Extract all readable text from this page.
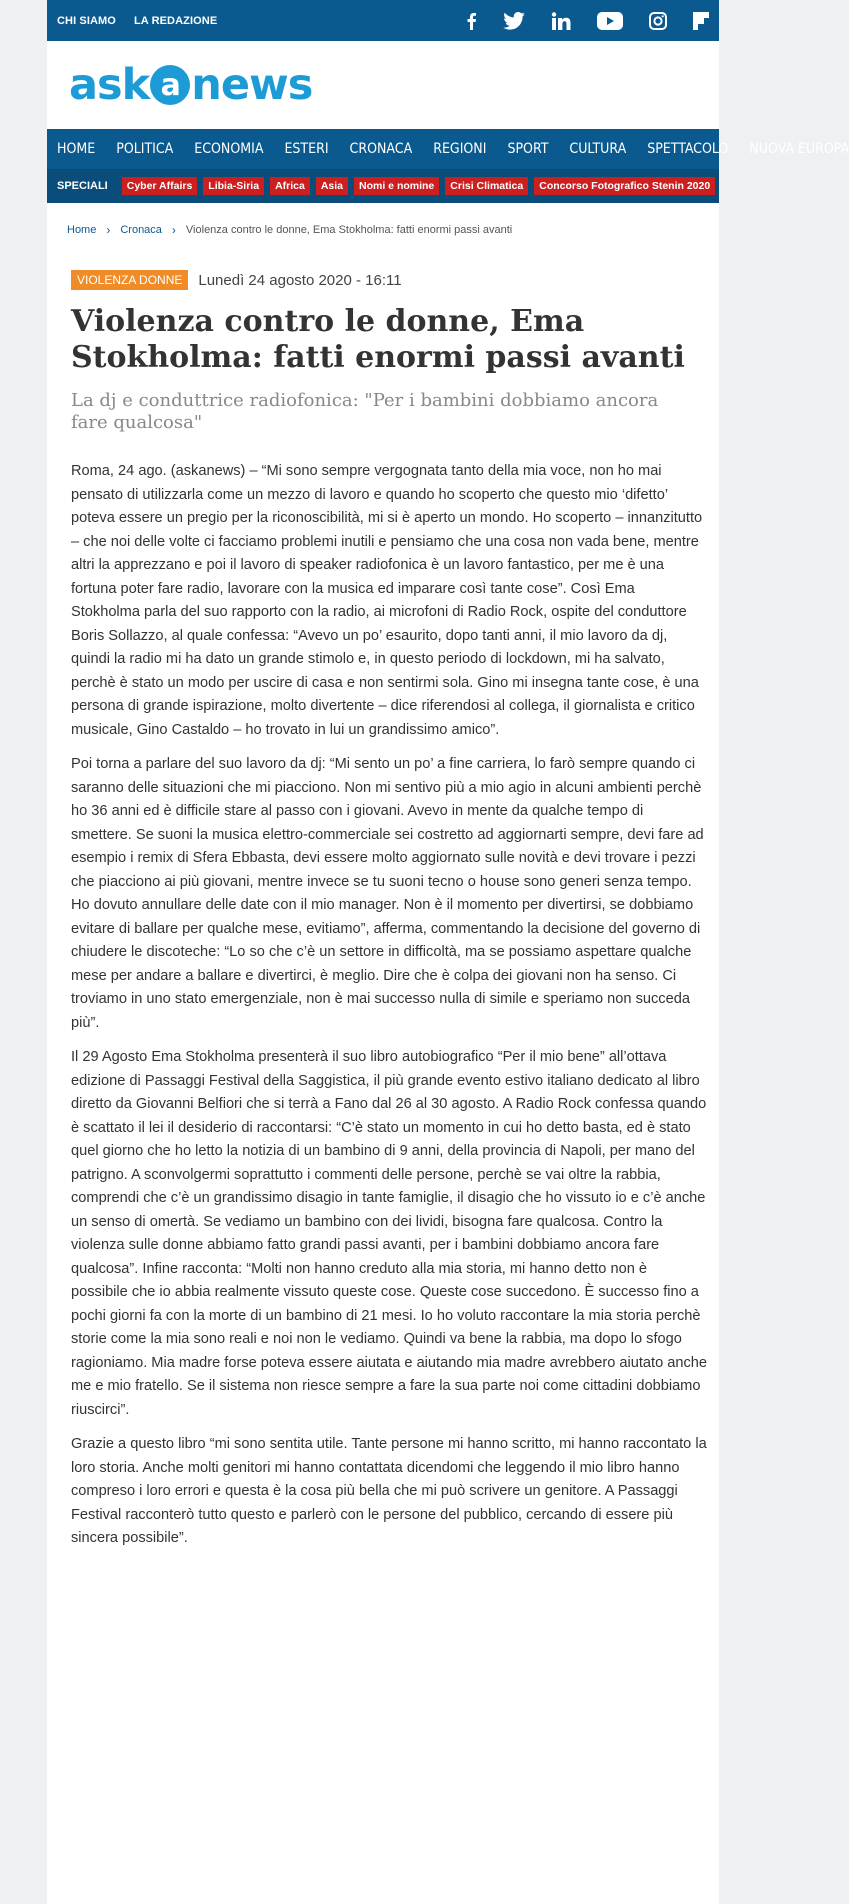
CHI SIAMO LA REDAZIONE
ask a news
HOME POLITICA ECONOMIA ESTERI CRONACA REGIONI SPORT CULTURA SPETTACOLO NUOVA EUROPA
SPECIALI	Cyber Affairs	Libia-Siria	Africa	Asia	Nomi e nomine	Crisi Climatica	Concorso Fotografico Stenin 2020
Home › Cronaca › Violenza contro le donne, Ema Stokholma: fatti enormi passi avanti
VIOLENZA DONNE	Lunedì 24 agosto 2020 - 16:11
Violenza contro le donne, Ema Stokholma: fatti enormi passi avanti
La dj e conduttrice radiofonica: "Per i bambini dobbiamo ancora fare qualcosa"

Roma, 24 ago. (askanews) – “Mi sono sempre vergognata tanto della mia voce, non ho mai pensato di utilizzarla come un mezzo di lavoro e quando ho scoperto che questo mio ‘difetto’ poteva essere un pregio per la riconoscibilità, mi si è aperto un mondo. Ho scoperto – innanzitutto – che noi delle volte ci facciamo problemi inutili e pensiamo che una cosa non vada bene, mentre altri la apprezzano e poi il lavoro di speaker radiofonica è un lavoro fantastico, per me è una fortuna poter fare radio, lavorare con la musica ed imparare così tante cose”. Così Ema Stokholma parla del suo rapporto con la radio, ai microfoni di Radio Rock, ospite del conduttore Boris Sollazzo, al quale confessa: “Avevo un po’ esaurito, dopo tanti anni, il mio lavoro da dj, quindi la radio mi ha dato un grande stimolo e, in questo periodo di lockdown, mi ha salvato, perchè è stato un modo per uscire di casa e non sentirmi sola. Gino mi insegna tante cose, è una persona di grande ispirazione, molto divertente – dice riferendosi al collega, il giornalista e critico musicale, Gino Castaldo – ho trovato in lui un grandissimo amico”.

Poi torna a parlare del suo lavoro da dj: “Mi sento un po’ a fine carriera, lo farò sempre quando ci saranno delle situazioni che mi piacciono. Non mi sentivo più a mio agio in alcuni ambienti perchè ho 36 anni ed è difficile stare al passo con i giovani. Avevo in mente da qualche tempo di smettere. Se suoni la musica elettro-commerciale sei costretto ad aggiornarti sempre, devi fare ad esempio i remix di Sfera Ebbasta, devi essere molto aggiornato sulle novità e devi trovare i pezzi che piacciono ai più giovani, mentre invece se tu suoni tecno o house sono generi senza tempo. Ho dovuto annullare delle date con il mio manager. Non è il momento per divertirsi, se dobbiamo evitare di ballare per qualche mese, evitiamo”, afferma, commentando la decisione del governo di chiudere le discoteche: “Lo so che c’è un settore in difficoltà, ma se possiamo aspettare qualche mese per andare a ballare e divertirci, è meglio. Dire che è colpa dei giovani non ha senso. Ci troviamo in uno stato emergenziale, non è mai successo nulla di simile e speriamo non succeda più”.

Il 29 Agosto Ema Stokholma presenterà il suo libro autobiografico “Per il mio bene” all’ottava edizione di Passaggi Festival della Saggistica, il più grande evento estivo italiano dedicato al libro diretto da Giovanni Belfiori che si terrà a Fano dal 26 al 30 agosto. A Radio Rock confessa quando è scattato il lei il desiderio di raccontarsi: “C’è stato un momento in cui ho detto basta, ed è stato quel giorno che ho letto la notizia di un bambino di 9 anni, della provincia di Napoli, per mano del patrigno. A sconvolgermi soprattutto i commenti delle persone, perchè se vai oltre la rabbia, comprendi che c’è un grandissimo disagio in tante famiglie, il disagio che ho vissuto io e c’è anche un senso di omertà. Se vediamo un bambino con dei lividi, bisogna fare qualcosa. Contro la violenza sulle donne abbiamo fatto grandi passi avanti, per i bambini dobbiamo ancora fare qualcosa”. Infine racconta: “Molti non hanno creduto alla mia storia, mi hanno detto non è possibile che io abbia realmente vissuto queste cose. Queste cose succedono. È successo fino a pochi giorni fa con la morte di un bambino di 21 mesi. Io ho voluto raccontare la mia storia perchè storie come la mia sono reali e noi non le vediamo. Quindi va bene la rabbia, ma dopo lo sfogo ragioniamo. Mia madre forse poteva essere aiutata e aiutando mia madre avrebbero aiutato anche me e mio fratello. Se il sistema non riesce sempre a fare la sua parte noi come cittadini dobbiamo riuscirci”.

Grazie a questo libro “mi sono sentita utile. Tante persone mi hanno scritto, mi hanno raccontato la loro storia. Anche molti genitori mi hanno contattata dicendomi che leggendo il mio libro hanno compreso i loro errori e questa è la cosa più bella che mi può scrivere un genitore. A Passaggi Festival racconterò tutto questo e parlerò con le persone del pubblico, cercando di essere più sincera possibile”.
